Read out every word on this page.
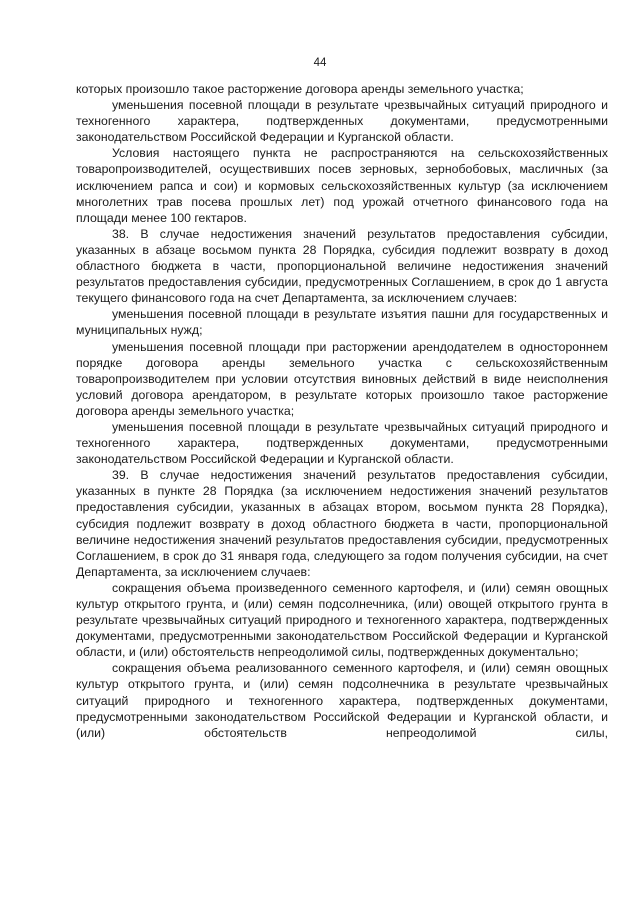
44

которых произошло такое расторжение договора аренды земельного участка;

уменьшения посевной площади в результате чрезвычайных ситуаций природного и техногенного характера, подтвержденных документами, предусмотренными законодательством Российской Федерации и Курганской области.

Условия настоящего пункта не распространяются на сельскохозяйственных товаропроизводителей, осуществивших посев зерновых, зернобобовых, масличных (за исключением рапса и сои) и кормовых сельскохозяйственных культур (за исключением многолетних трав посева прошлых лет) под урожай отчетного финансового года на площади менее 100 гектаров.

38. В случае недостижения значений результатов предоставления субсидии, указанных в абзаце восьмом пункта 28 Порядка, субсидия подлежит возврату в доход областного бюджета в части, пропорциональной величине недостижения значений результатов предоставления субсидии, предусмотренных Соглашением, в срок до 1 августа текущего финансового года на счет Департамента, за исключением случаев:

уменьшения посевной площади в результате изъятия пашни для государственных и муниципальных нужд;

уменьшения посевной площади при расторжении арендодателем в одностороннем порядке договора аренды земельного участка с сельскохозяйственным товаропроизводителем при условии отсутствия виновных действий в виде неисполнения условий договора арендатором, в результате которых произошло такое расторжение договора аренды земельного участка;

уменьшения посевной площади в результате чрезвычайных ситуаций природного и техногенного характера, подтвержденных документами, предусмотренными законодательством Российской Федерации и Курганской области.

39. В случае недостижения значений результатов предоставления субсидии, указанных в пункте 28 Порядка (за исключением недостижения значений результатов предоставления субсидии, указанных в абзацах втором, восьмом пункта 28 Порядка), субсидия подлежит возврату в доход областного бюджета в части, пропорциональной величине недостижения значений результатов предоставления субсидии, предусмотренных Соглашением, в срок до 31 января года, следующего за годом получения субсидии, на счет Департамента, за исключением случаев:

сокращения объема произведенного семенного картофеля, и (или) семян овощных культур открытого грунта, и (или) семян подсолнечника, (или) овощей открытого грунта в результате чрезвычайных ситуаций природного и техногенного характера, подтвержденных документами, предусмотренными законодательством Российской Федерации и Курганской области, и (или) обстоятельств непреодолимой силы, подтвержденных документально;

сокращения объема реализованного семенного картофеля, и (или) семян овощных культур открытого грунта, и (или) семян подсолнечника в результате чрезвычайных ситуаций природного и техногенного характера, подтвержденных документами, предусмотренными законодательством Российской Федерации и Курганской области, и (или) обстоятельств непреодолимой силы,
